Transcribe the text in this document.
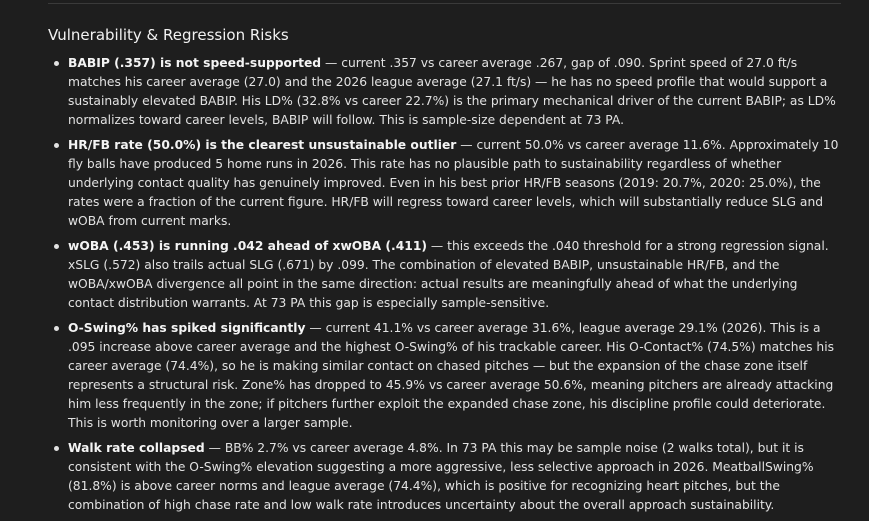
Vulnerability & Regression Risks
BABIP (.357) is not speed-supported — current .357 vs career average .267, gap of .090. Sprint speed of 27.0 ft/s matches his career average (27.0) and the 2026 league average (27.1 ft/s) — he has no speed profile that would support a sustainably elevated BABIP. His LD% (32.8% vs career 22.7%) is the primary mechanical driver of the current BABIP; as LD% normalizes toward career levels, BABIP will follow. This is sample-size dependent at 73 PA.
HR/FB rate (50.0%) is the clearest unsustainable outlier — current 50.0% vs career average 11.6%. Approximately 10 fly balls have produced 5 home runs in 2026. This rate has no plausible path to sustainability regardless of whether underlying contact quality has genuinely improved. Even in his best prior HR/FB seasons (2019: 20.7%, 2020: 25.0%), the rates were a fraction of the current figure. HR/FB will regress toward career levels, which will substantially reduce SLG and wOBA from current marks.
wOBA (.453) is running .042 ahead of xwOBA (.411) — this exceeds the .040 threshold for a strong regression signal. xSLG (.572) also trails actual SLG (.671) by .099. The combination of elevated BABIP, unsustainable HR/FB, and the wOBA/xwOBA divergence all point in the same direction: actual results are meaningfully ahead of what the underlying contact distribution warrants. At 73 PA this gap is especially sample-sensitive.
O-Swing% has spiked significantly — current 41.1% vs career average 31.6%, league average 29.1% (2026). This is a .095 increase above career average and the highest O-Swing% of his trackable career. His O-Contact% (74.5%) matches his career average (74.4%), so he is making similar contact on chased pitches — but the expansion of the chase zone itself represents a structural risk. Zone% has dropped to 45.9% vs career average 50.6%, meaning pitchers are already attacking him less frequently in the zone; if pitchers further exploit the expanded chase zone, his discipline profile could deteriorate. This is worth monitoring over a larger sample.
Walk rate collapsed — BB% 2.7% vs career average 4.8%. In 73 PA this may be sample noise (2 walks total), but it is consistent with the O-Swing% elevation suggesting a more aggressive, less selective approach in 2026. MeatballSwing% (81.8%) is above career norms and league average (74.4%), which is positive for recognizing heart pitches, but the combination of high chase rate and low walk rate introduces uncertainty about the overall approach sustainability.
